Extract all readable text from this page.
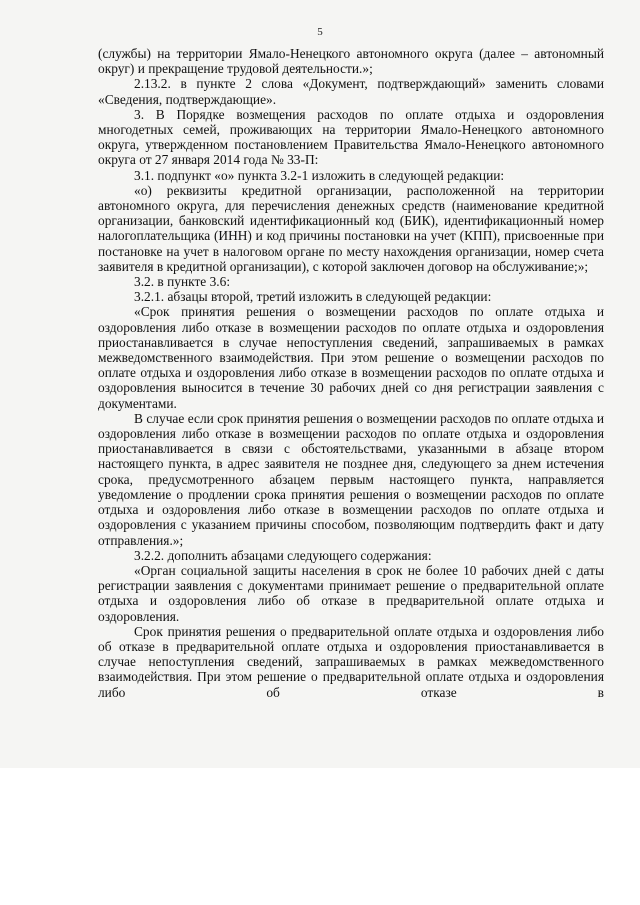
5

(службы) на территории Ямало-Ненецкого автономного округа (далее – автономный округ) и прекращение трудовой деятельности.»;

2.13.2. в пункте 2 слова «Документ, подтверждающий» заменить словами «Сведения, подтверждающие».

3. В Порядке возмещения расходов по оплате отдыха и оздоровления многодетных семей, проживающих на территории Ямало-Ненецкого автономного округа, утвержденном постановлением Правительства Ямало-Ненецкого автономного округа от 27 января 2014 года № 33-П:

3.1. подпункт «о» пункта 3.2-1 изложить в следующей редакции:

«о) реквизиты кредитной организации, расположенной на территории автономного округа, для перечисления денежных средств (наименование кредитной организации, банковский идентификационный код (БИК), идентификационный номер налогоплательщика (ИНН) и код причины постановки на учет (КПП), присвоенные при постановке на учет в налоговом органе по месту нахождения организации, номер счета заявителя в кредитной организации), с которой заключен договор на обслуживание;»;

3.2. в пункте 3.6:

3.2.1. абзацы второй, третий изложить в следующей редакции:

«Срок принятия решения о возмещении расходов по оплате отдыха и оздоровления либо отказе в возмещении расходов по оплате отдыха и оздоровления приостанавливается в случае непоступления сведений, запрашиваемых в рамках межведомственного взаимодействия. При этом решение о возмещении расходов по оплате отдыха и оздоровления либо отказе в возмещении расходов по оплате отдыха и оздоровления выносится в течение 30 рабочих дней со дня регистрации заявления с документами.

В случае если срок принятия решения о возмещении расходов по оплате отдыха и оздоровления либо отказе в возмещении расходов по оплате отдыха и оздоровления приостанавливается в связи с обстоятельствами, указанными в абзаце втором настоящего пункта, в адрес заявителя не позднее дня, следующего за днем истечения срока, предусмотренного абзацем первым настоящего пункта, направляется уведомление о продлении срока принятия решения о возмещении расходов по оплате отдыха и оздоровления либо отказе в возмещении расходов по оплате отдыха и оздоровления с указанием причины способом, позволяющим подтвердить факт и дату отправления.»;

3.2.2. дополнить абзацами следующего содержания:

«Орган социальной защиты населения в срок не более 10 рабочих дней с даты регистрации заявления с документами принимает решение о предварительной оплате отдыха и оздоровления либо об отказе в предварительной оплате отдыха и оздоровления.

Срок принятия решения о предварительной оплате отдыха и оздоровления либо об отказе в предварительной оплате отдыха и оздоровления приостанавливается в случае непоступления сведений, запрашиваемых в рамках межведомственного взаимодействия. При этом решение о предварительной оплате отдыха и оздоровления либо об отказе в
